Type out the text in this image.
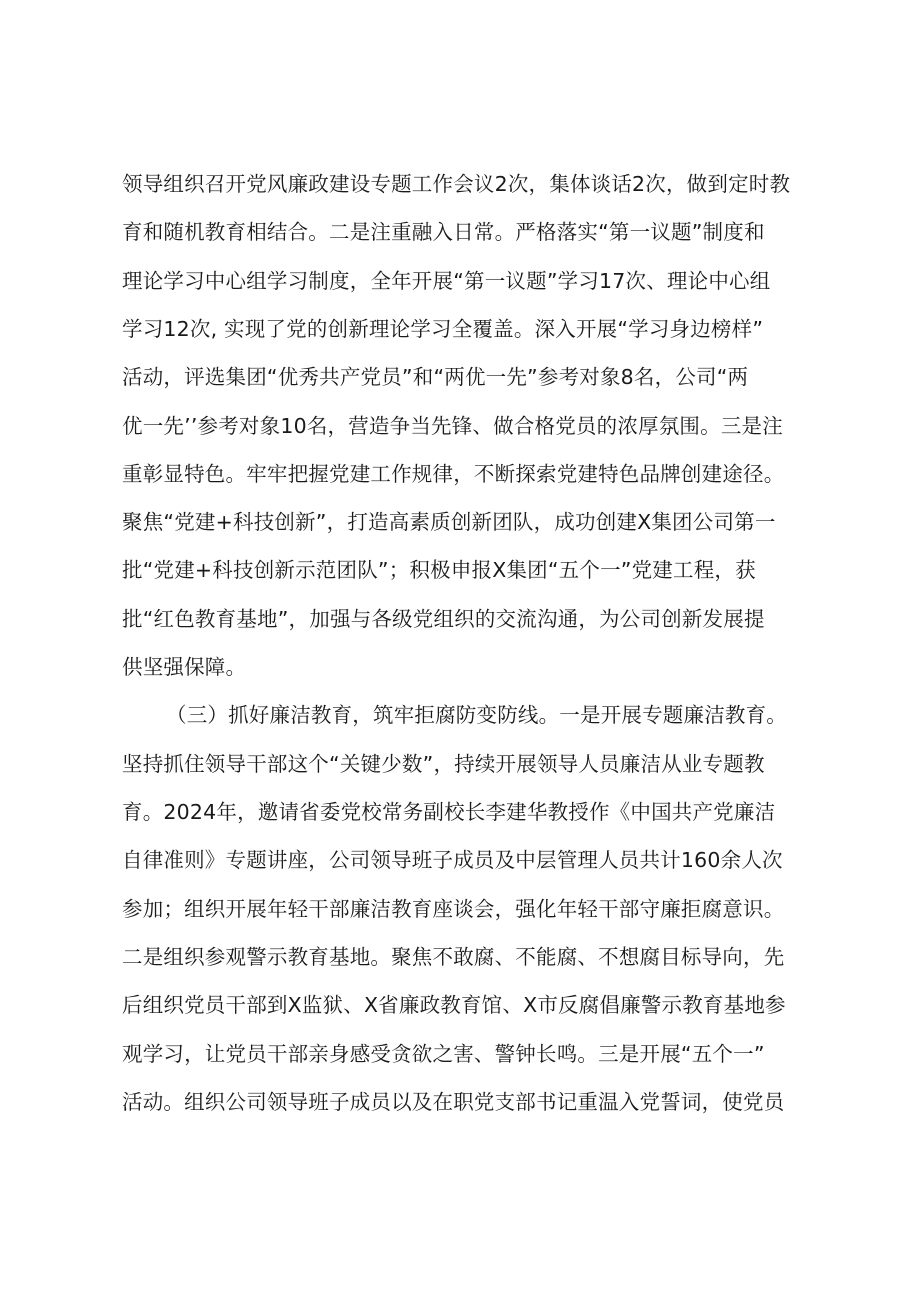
领导组织召开党风廉政建设专题工作会议2次，集体谈话2次，做到定时教
育和随机教育相结合。二是注重融入日常。严格落实“第一议题”制度和
理论学习中心组学习制度，全年开展“第一议题”学习17次、理论中心组
学习12次, 实现了党的创新理论学习全覆盖。深入开展“学习身边榜样”
活动，评选集团“优秀共产党员”和“两优一先”参考对象8名，公司“两
优一先’’参考对象10名，营造争当先锋、做合格党员的浓厚氛围。三是注
重彰显特色。牢牢把握党建工作规律，不断探索党建特色品牌创建途径。
聚焦“党建+科技创新”，打造高素质创新团队，成功创建X集团公司第一
批“党建+科技创新示范团队”；积极申报X集团“五个一”党建工程，获
批“红色教育基地”，加强与各级党组织的交流沟通，为公司创新发展提
供坚强保障。
（三）抓好廉洁教育，筑牢拒腐防变防线。一是开展专题廉洁教育。
坚持抓住领导干部这个“关键少数”，持续开展领导人员廉洁从业专题教
育。2024年，邀请省委党校常务副校长李建华教授作《中国共产党廉洁
自律准则》专题讲座，公司领导班子成员及中层管理人员共计160余人次
参加；组织开展年轻干部廉洁教育座谈会，强化年轻干部守廉拒腐意识。
二是组织参观警示教育基地。聚焦不敢腐、不能腐、不想腐目标导向，先
后组织党员干部到X监狱、X省廉政教育馆、X市反腐倡廉警示教育基地参
观学习，让党员干部亲身感受贪欲之害、警钟长鸣。三是开展“五个一”
活动。组织公司领导班子成员以及在职党支部书记重温入党誓词，使党员
